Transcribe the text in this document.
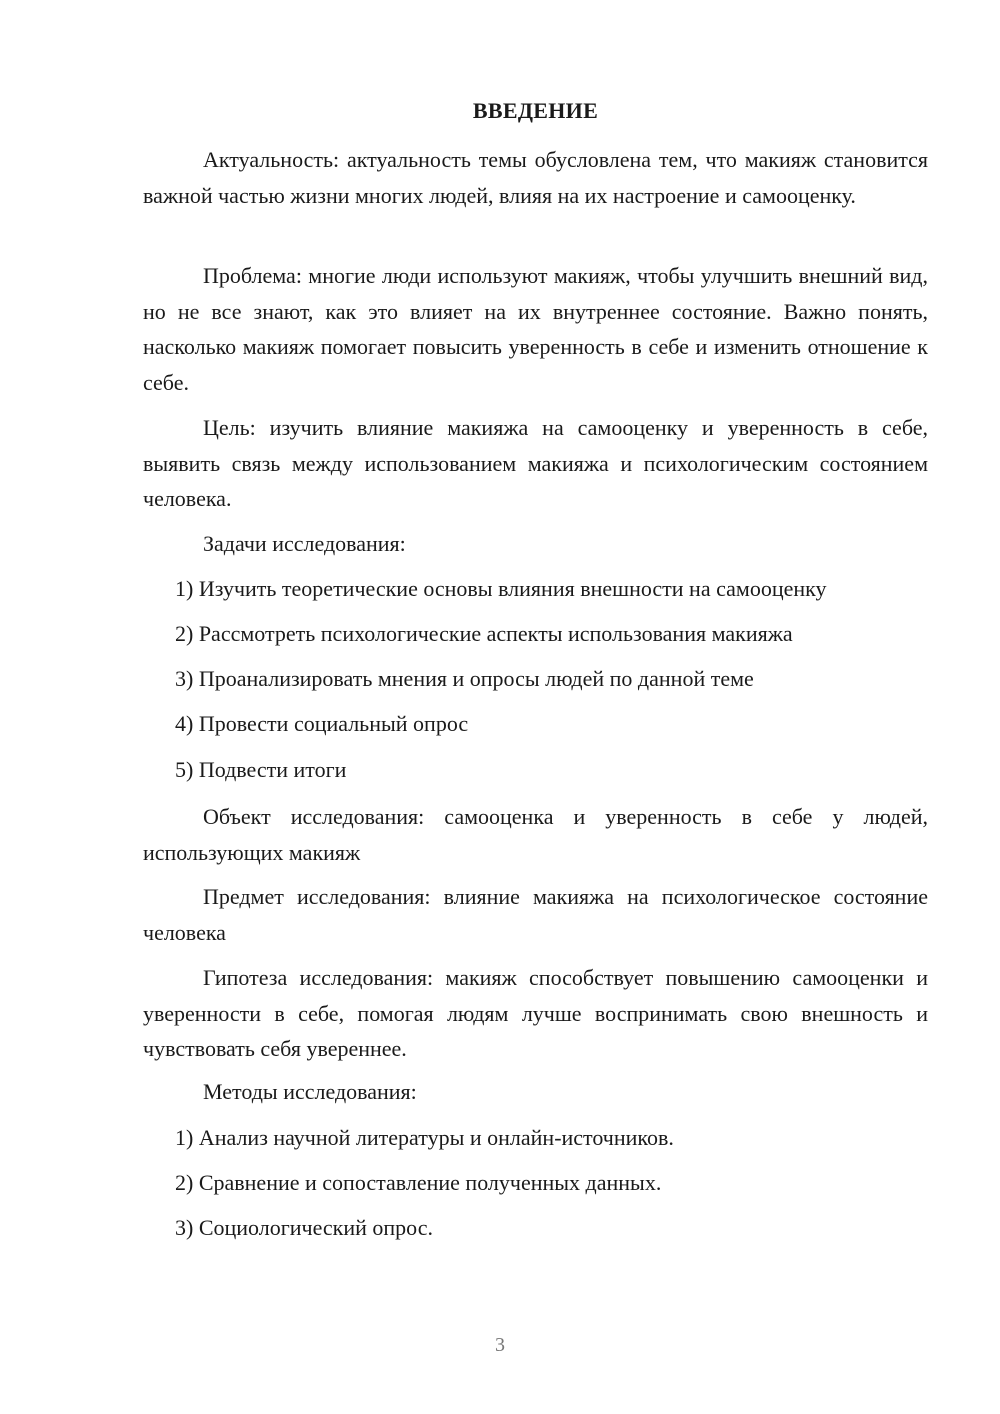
ВВЕДЕНИЕ

Актуальность: актуальность темы обусловлена тем, что макияж становится важной частью жизни многих людей, влияя на их настроение и самооценку.

Проблема: многие люди используют макияж, чтобы улучшить внешний вид, но не все знают, как это влияет на их внутреннее состояние. Важно понять, насколько макияж помогает повысить уверенность в себе и изменить отношение к себе.

Цель: изучить влияние макияжа на самооценку и уверенность в себе, выявить связь между использованием макияжа и психологическим состоянием человека.

Задачи исследования:
1) Изучить теоретические основы влияния внешности на самооценку
2) Рассмотреть психологические аспекты использования макияжа
3) Проанализировать мнения и опросы людей по данной теме
4) Провести социальный опрос
5) Подвести итоги

Объект исследования: самооценка и уверенность в себе у людей, использующих макияж

Предмет исследования: влияние макияжа на психологическое состояние человека

Гипотеза исследования: макияж способствует повышению самооценки и уверенности в себе, помогая людям лучше воспринимать свою внешность и чувствовать себя увереннее.

Методы исследования:
1) Анализ научной литературы и онлайн-источников.
2) Сравнение и сопоставление полученных данных.
3) Социологический опрос.
3
